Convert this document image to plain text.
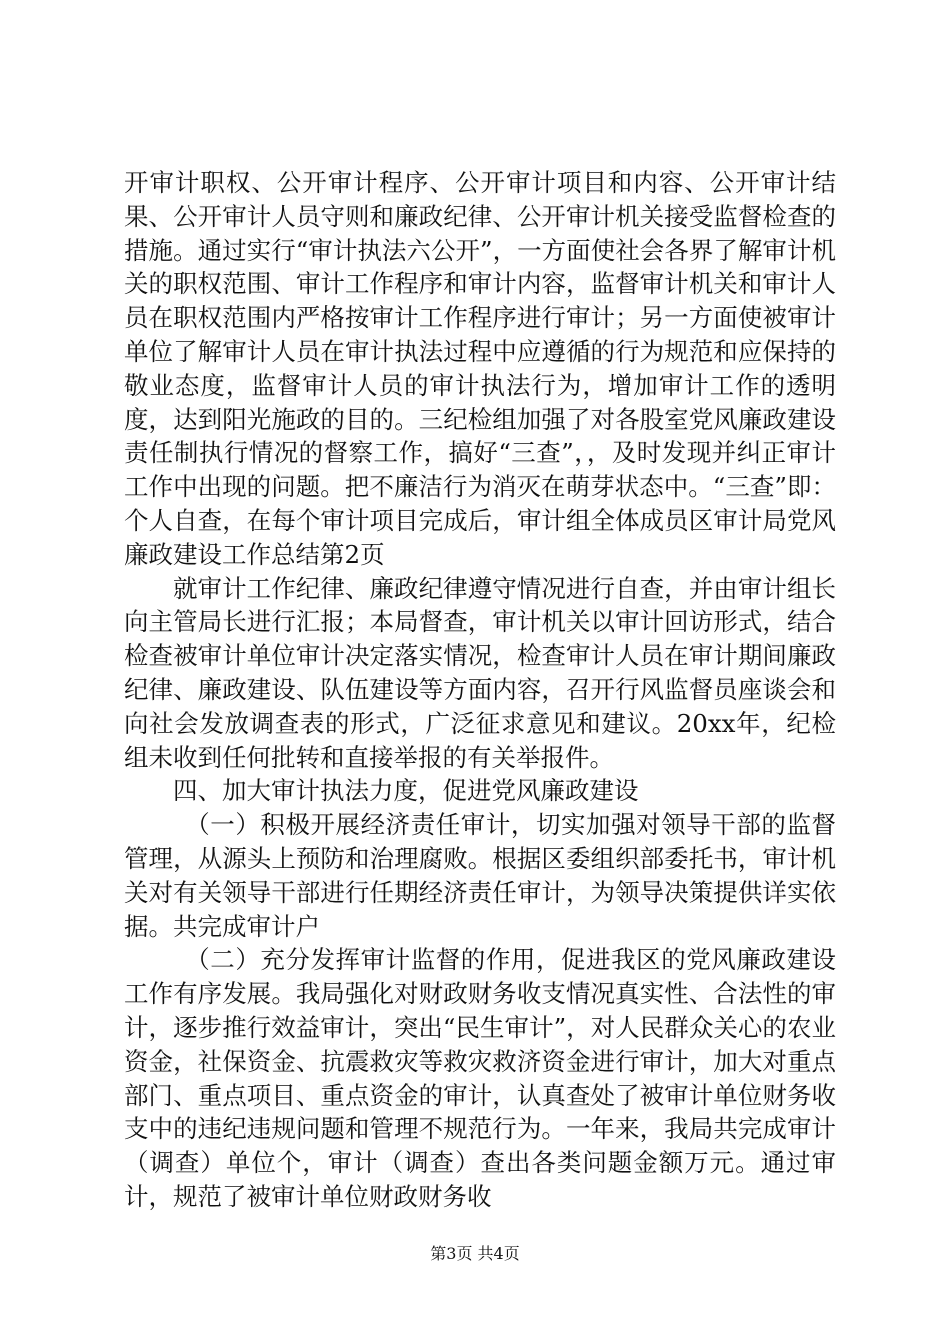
开审计职权、公开审计程序、公开审计项目和内容、公开审计结果、公开审计人员守则和廉政纪律、公开审计机关接受监督检查的措施。通过实行“审计执法六公开”，一方面使社会各界了解审计机关的职权范围、审计工作程序和审计内容，监督审计机关和审计人员在职权范围内严格按审计工作程序进行审计；另一方面使被审计单位了解审计人员在审计执法过程中应遵循的行为规范和应保持的敬业态度，监督审计人员的审计执法行为，增加审计工作的透明度，达到阳光施政的目的。三纪检组加强了对各股室党风廉政建设责任制执行情况的督察工作，搞好“三查”，，及时发现并纠正审计工作中出现的问题。把不廉洁行为消灭在萌芽状态中。“三查”即：个人自查，在每个审计项目完成后，审计组全体成员区审计局党风廉政建设工作总结第2页

就审计工作纪律、廉政纪律遵守情况进行自查，并由审计组长向主管局长进行汇报；本局督查，审计机关以审计回访形式，结合检查被审计单位审计决定落实情况，检查审计人员在审计期间廉政纪律、廉政建设、队伍建设等方面内容，召开行风监督员座谈会和向社会发放调查表的形式，广泛征求意见和建议。20xx年，纪检组未收到任何批转和直接举报的有关举报件。

四、加大审计执法力度，促进党风廉政建设

（一）积极开展经济责任审计，切实加强对领导干部的监督管理，从源头上预防和治理腐败。根据区委组织部委托书，审计机关对有关领导干部进行任期经济责任审计，为领导决策提供详实依据。共完成审计户

（二）充分发挥审计监督的作用，促进我区的党风廉政建设工作有序发展。我局强化对财政财务收支情况真实性、合法性的审计，逐步推行效益审计，突出“民生审计”，对人民群众关心的农业资金，社保资金、抗震救灾等救灾救济资金进行审计，加大对重点部门、重点项目、重点资金的审计，认真查处了被审计单位财务收支中的违纪违规问题和管理不规范行为。一年来，我局共完成审计（调查）单位个，审计（调查）查出各类问题金额万元。通过审计，规范了被审计单位财政财务收

第3页 共4页
